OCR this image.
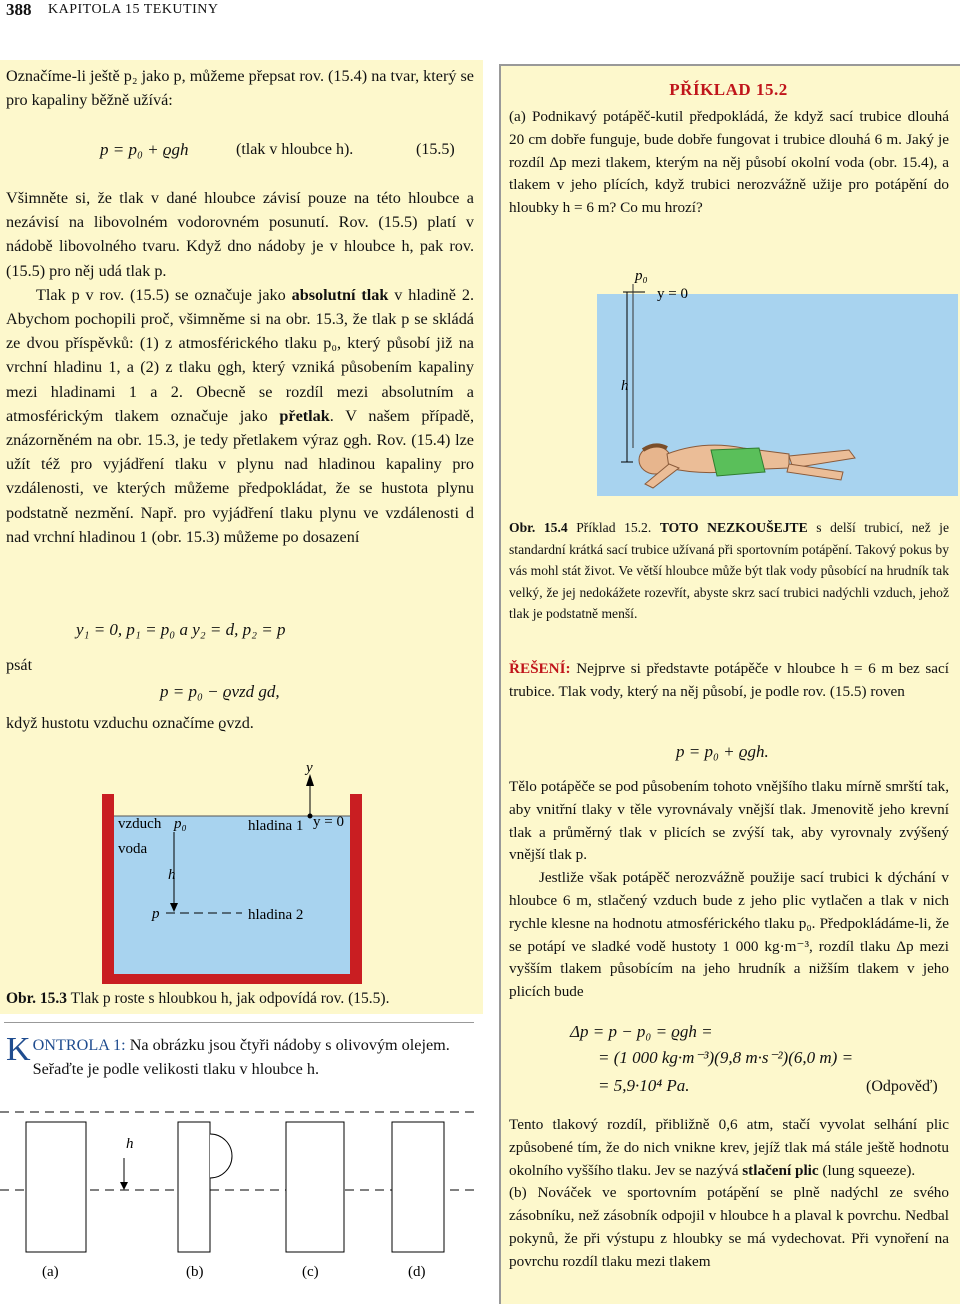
388 KAPITOLA 15 TEKUTINY

Označíme-li ještě p₂ jako p, můžeme přepsat rov. (15.4) na tvar, který se pro kapaliny běžně užívá:

p = p₀ + ϱgh	(tlak v hloubce h).	(15.5)

Všimněte si, že tlak v dané hloubce závisí pouze na této hloubce a nezávisí na libovolném vodorovném posunutí. Rov. (15.5) platí v nádobě libovolného tvaru. Když dno nádoby je v hloubce h, pak rov. (15.5) pro něj udá tlak p.

Tlak p v rov. (15.5) se označuje jako absolutní tlak v hladině 2. Abychom pochopili proč, všimněme si na obr. 15.3, že tlak p se skládá ze dvou příspěvků: (1) z atmosférického tlaku p₀, který působí již na vrchní hladinu 1, a (2) z tlaku ϱgh, který vzniká působením kapaliny mezi hladinami 1 a 2. Obecně se rozdíl mezi absolutním a atmosférickým tlakem označuje jako přetlak. V našem případě, znázorněném na obr. 15.3, je tedy přetlakem výraz ϱgh. Rov. (15.4) lze užít též pro vyjádření tlaku v plynu nad hladinou kapaliny pro vzdálenosti, ve kterých můžeme předpokládat, že se hustota plynu podstatně nezmění. Např. pro vyjádření tlaku plynu ve vzdálenosti d nad vrchní hladinou 1 (obr. 15.3) můžeme po dosazení

y₁ = 0, p₁ = p₀ a y₂ = d, p₂ = p
psát
p = p₀ − ϱvzd gd,
když hustotu vzduchu označíme ϱvzd.
y
vzduch
voda
p₀	hladina 1 y = 0
h
p	hladina 2
Obr. 15.3 Tlak p roste s hloubkou h, jak odpovídá rov. (15.5).
K ONTROLA 1: Na obrázku jsou čtyři nádoby s olivovým olejem. Seřaďte je podle velikosti tlaku v hloubce h.
h
(a)	(b)	(c)	(d)
PŘÍKLAD 15.2

(a) Podnikavý potápěč-kutil předpokládá, že když sací trubice dlouhá 20 cm dobře funguje, bude dobře fungovat i trubice dlouhá 6 m. Jaký je rozdíl Δp mezi tlakem, kterým na něj působí okolní voda (obr. 15.4), a tlakem v jeho plících, když trubici nerozvážně užije pro potápění do hloubky h = 6 m? Co mu hrozí?

p₀
y = 0
h
Obr. 15.4 Příklad 15.2. TOTO NEZKOUŠEJTE s delší trubicí, než je standardní krátká sací trubice užívaná při sportovním potápění. Takový pokus by vás mohl stát život. Ve větší hloubce může být tlak vody působící na hrudník tak velký, že jej nedokážete rozevřít, abyste skrz sací trubici nadýchli vzduch, jehož tlak je podstatně menší.

ŘEŠENÍ: Nejprve si představte potápěče v hloubce h = 6 m bez sací trubice. Tlak vody, který na něj působí, je podle rov. (15.5) roven

p = p₀ + ϱgh.

Tělo potápěče se pod působením tohoto vnějšího tlaku mírně smrští tak, aby vnitřní tlaky v těle vyrovnávaly vnější tlak. Jmenovitě jeho krevní tlak a průměrný tlak v plicích se zvýší tak, aby vyrovnaly zvýšený vnější tlak p.

Jestliže však potápěč nerozvážně použije sací trubici k dýchání v hloubce 6 m, stlačený vzduch bude z jeho plic vytlačen a tlak v nich rychle klesne na hodnotu atmosférického tlaku p₀. Předpokládáme-li, že se potápí ve sladké vodě hustoty 1 000 kg·m⁻³, rozdíl tlaku Δp mezi vyšším tlakem působícím na jeho hrudník a nižším tlakem v jeho plicích bude

Δp = p − p₀ = ϱgh =
= (1 000 kg·m⁻³)(9,8 m·s⁻²)(6,0 m) =
= 5,9·10⁴ Pa.	(Odpověď)

Tento tlakový rozdíl, přibližně 0,6 atm, stačí vyvolat selhání plic způsobené tím, že do nich vnikne krev, jejíž tlak má stále ještě hodnotu okolního vyššího tlaku. Jev se nazývá stlačení plic (lung squeeze).

(b) Nováček ve sportovním potápění se plně nadýchl ze svého zásobníku, než zásobník odpojil v hloubce h a plaval k povrchu. Nedbal pokynů, že při výstupu z hloubky se má vydechovat. Při vynoření na povrchu rozdíl tlaku mezi tlakem
